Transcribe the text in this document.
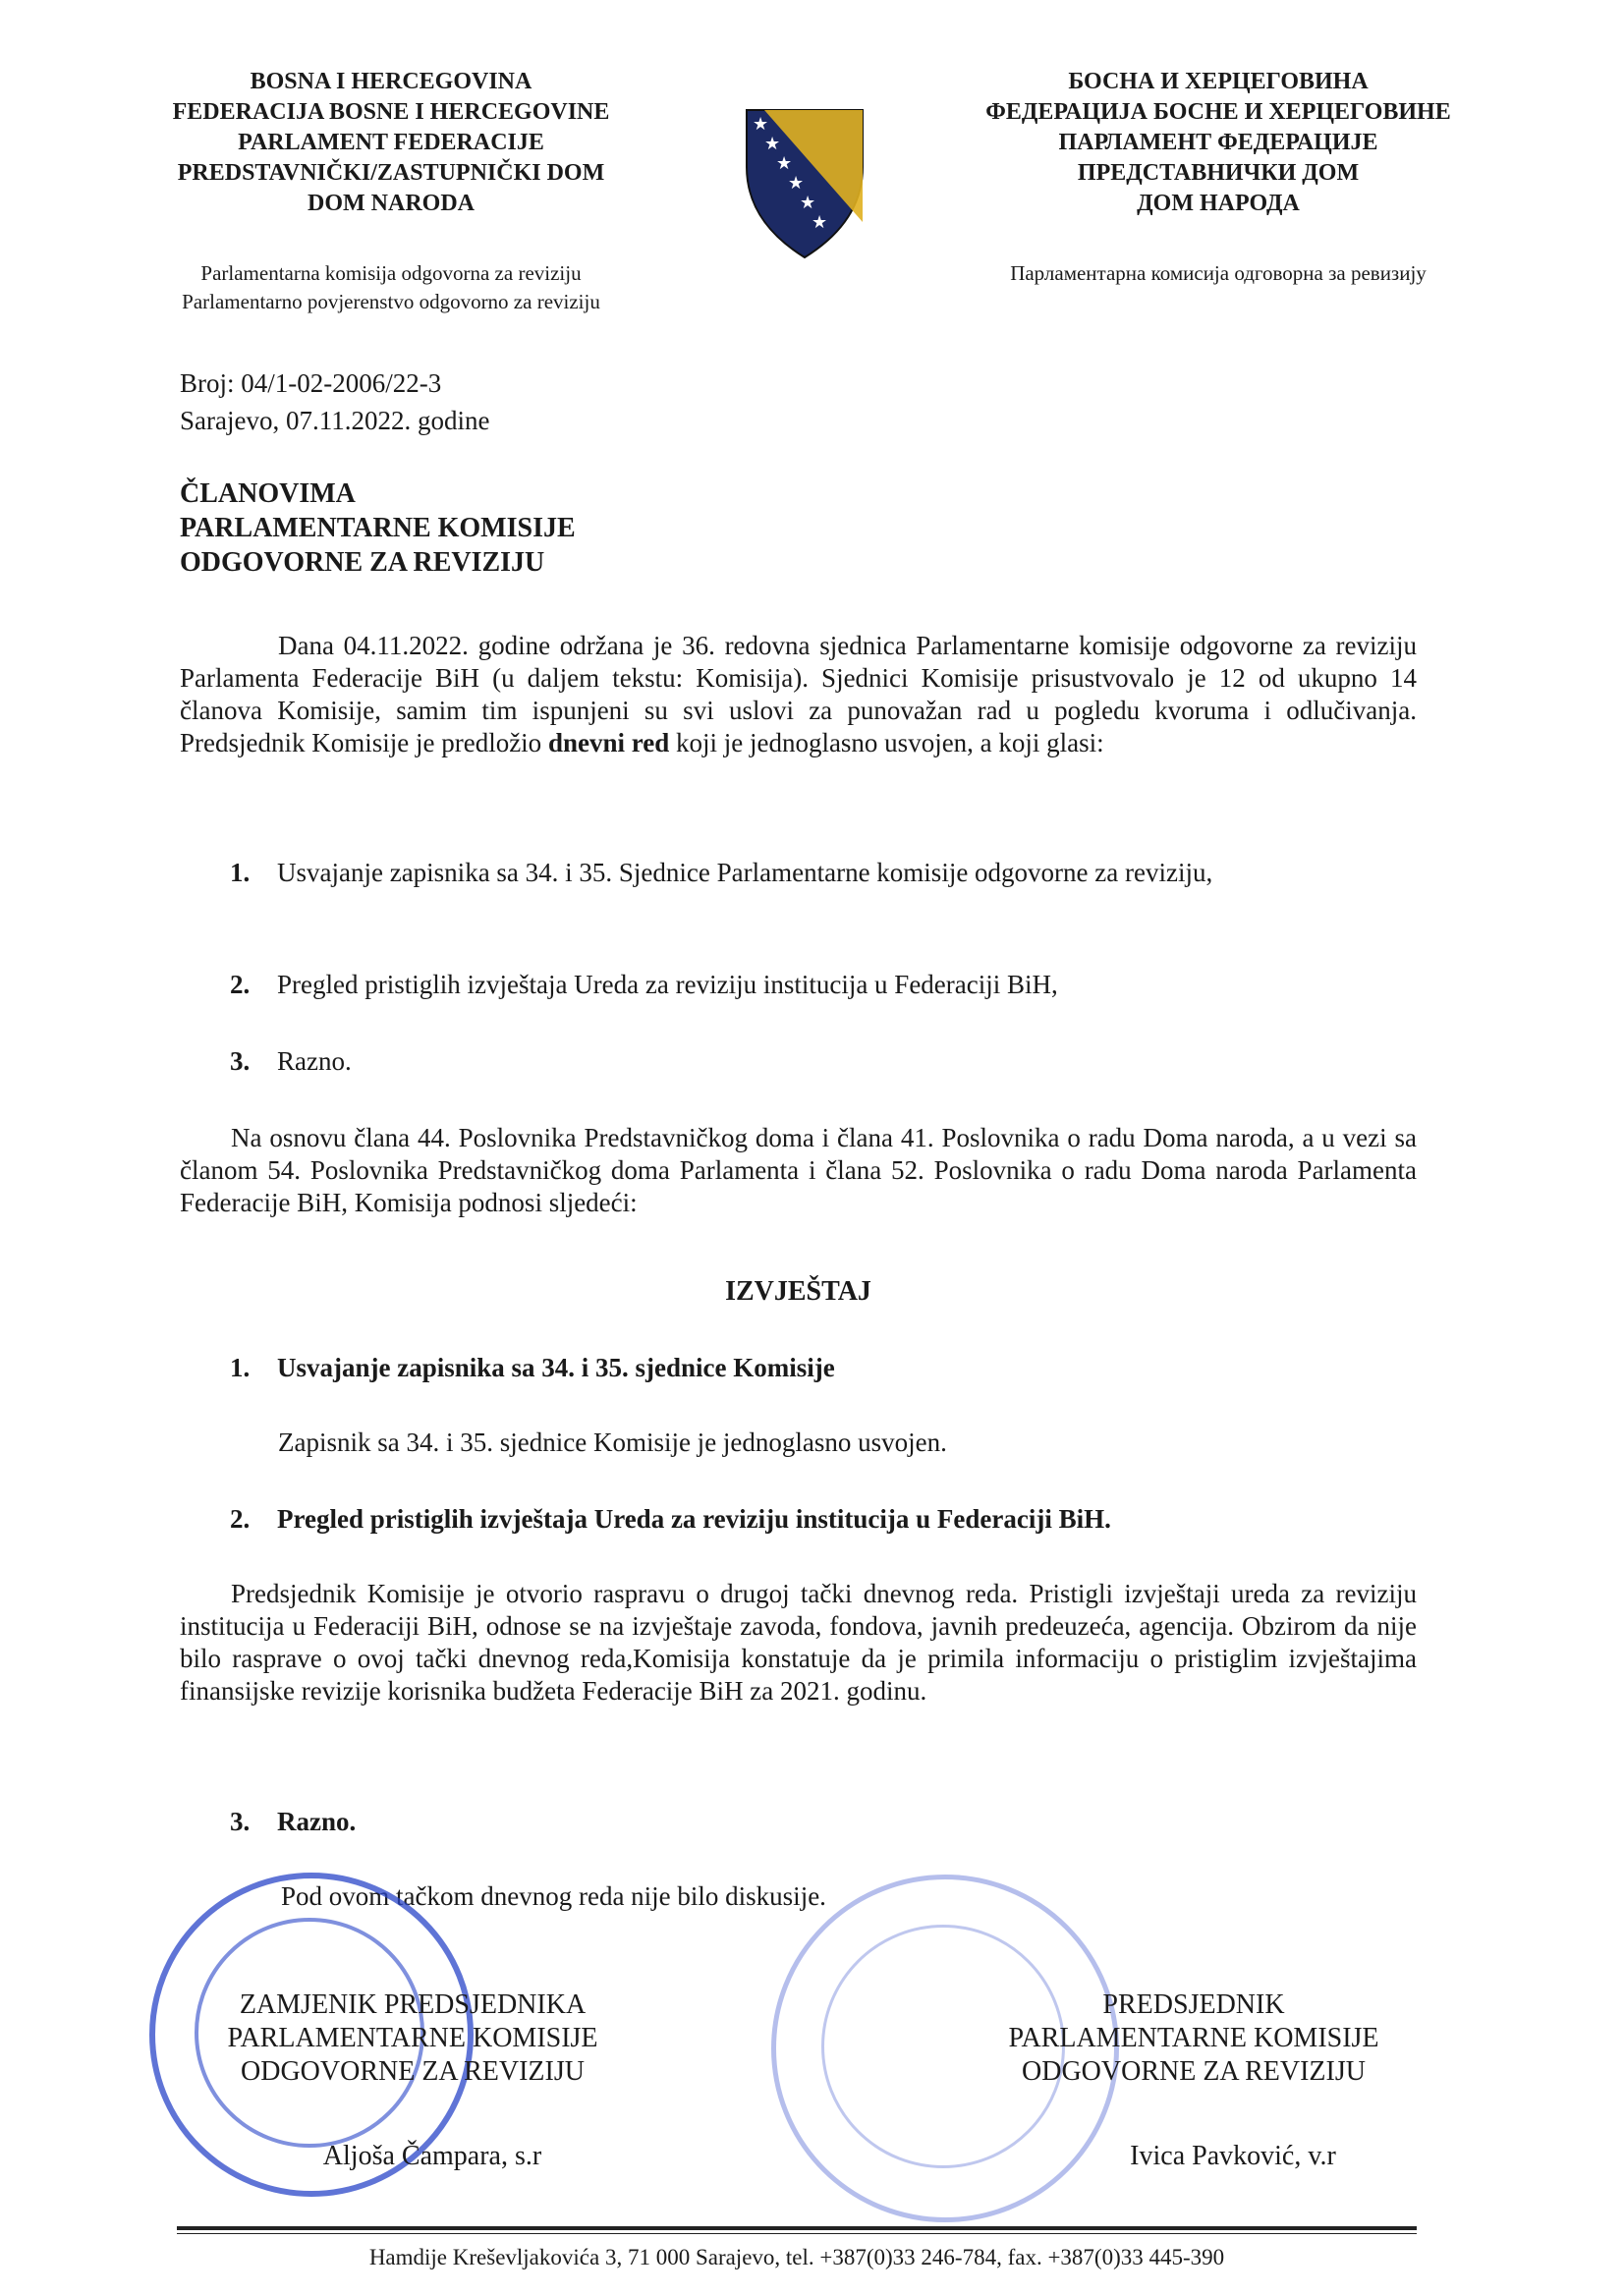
BOSNA I HERCEGOVINA
FEDERACIJA BOSNE I HERCEGOVINE
PARLAMENT FEDERACIJE
PREDSTAVNIČKI/ZASTUPNIČKI DOM
DOM NARODA
Parlamentarna komisija odgovorna za reviziju
Parlamentarno povjerenstvo odgovorno za reviziju
★
★
★
★
★
★
БОСНА И ХЕРЦЕГОВИНА
ФЕДЕРАЦИЈА БОСНЕ И ХЕРЦЕГОВИНЕ
ПАРЛАМЕНТ ФЕДЕРАЦИЈЕ
ПРЕДСТАВНИЧКИ ДОМ
ДОМ НАРОДА
Парламентарна комисија одговорна за ревизију
Broj: 04/1-02-2006/22-3
Sarajevo, 07.11.2022. godine
ČLANOVIMA
PARLAMENTARNE KOMISIJE
ODGOVORNE ZA REVIZIJU
Dana 04.11.2022. godine održana je 36. redovna sjednica Parlamentarne komisije odgovorne za reviziju Parlamenta Federacije BiH (u daljem tekstu: Komisija). Sjednici Komisije prisustvovalo je 12 od ukupno 14 članova Komisije, samim tim ispunjeni su svi uslovi za punovažan rad u pogledu kvoruma i odlučivanja. Predsjednik Komisije je predložio dnevni red koji je jednoglasno usvojen, a koji glasi:
1. Usvajanje zapisnika sa 34. i 35. Sjednice Parlamentarne komisije odgovorne za reviziju,
2. Pregled pristiglih izvještaja Ureda za reviziju institucija u Federaciji BiH,
3. Razno.
Na osnovu člana 44. Poslovnika Predstavničkog doma i člana 41. Poslovnika o radu Doma naroda, a u vezi sa članom 54. Poslovnika Predstavničkog doma Parlamenta i člana 52. Poslovnika o radu Doma naroda Parlamenta Federacije BiH, Komisija podnosi sljedeći:
IZVJEŠTAJ
1. Usvajanje zapisnika sa 34. i 35. sjednice Komisije
Zapisnik sa 34. i 35. sjednice Komisije je jednoglasno usvojen.
2. Pregled pristiglih izvještaja Ureda za reviziju institucija u Federaciji BiH.
Predsjednik Komisije je otvorio raspravu o drugoj tački dnevnog reda. Pristigli izvještaji ureda za reviziju institucija u Federaciji BiH, odnose se na izvještaje zavoda, fondova, javnih predeuzeća, agencija. Obzirom da nije bilo rasprave o ovoj tački dnevnog reda,Komisija konstatuje da je primila informaciju o pristiglim izvještajima finansijske revizije korisnika budžeta Federacije BiH za 2021. godinu.
3. Razno.
Pod ovom tačkom dnevnog reda nije bilo diskusije.
ZAMJENIK PREDSJEDNIKA
PARLAMENTARNE KOMISIJE
ODGOVORNE ZA REVIZIJU
Aljoša Čampara, s.r
PREDSJEDNIK
PARLAMENTARNE KOMISIJE
ODGOVORNE ZA REVIZIJU
Ivica Pavković, v.r
Hamdije Kreševljakovića 3, 71 000 Sarajevo, tel. +387(0)33 246-784, fax. +387(0)33 445-390
